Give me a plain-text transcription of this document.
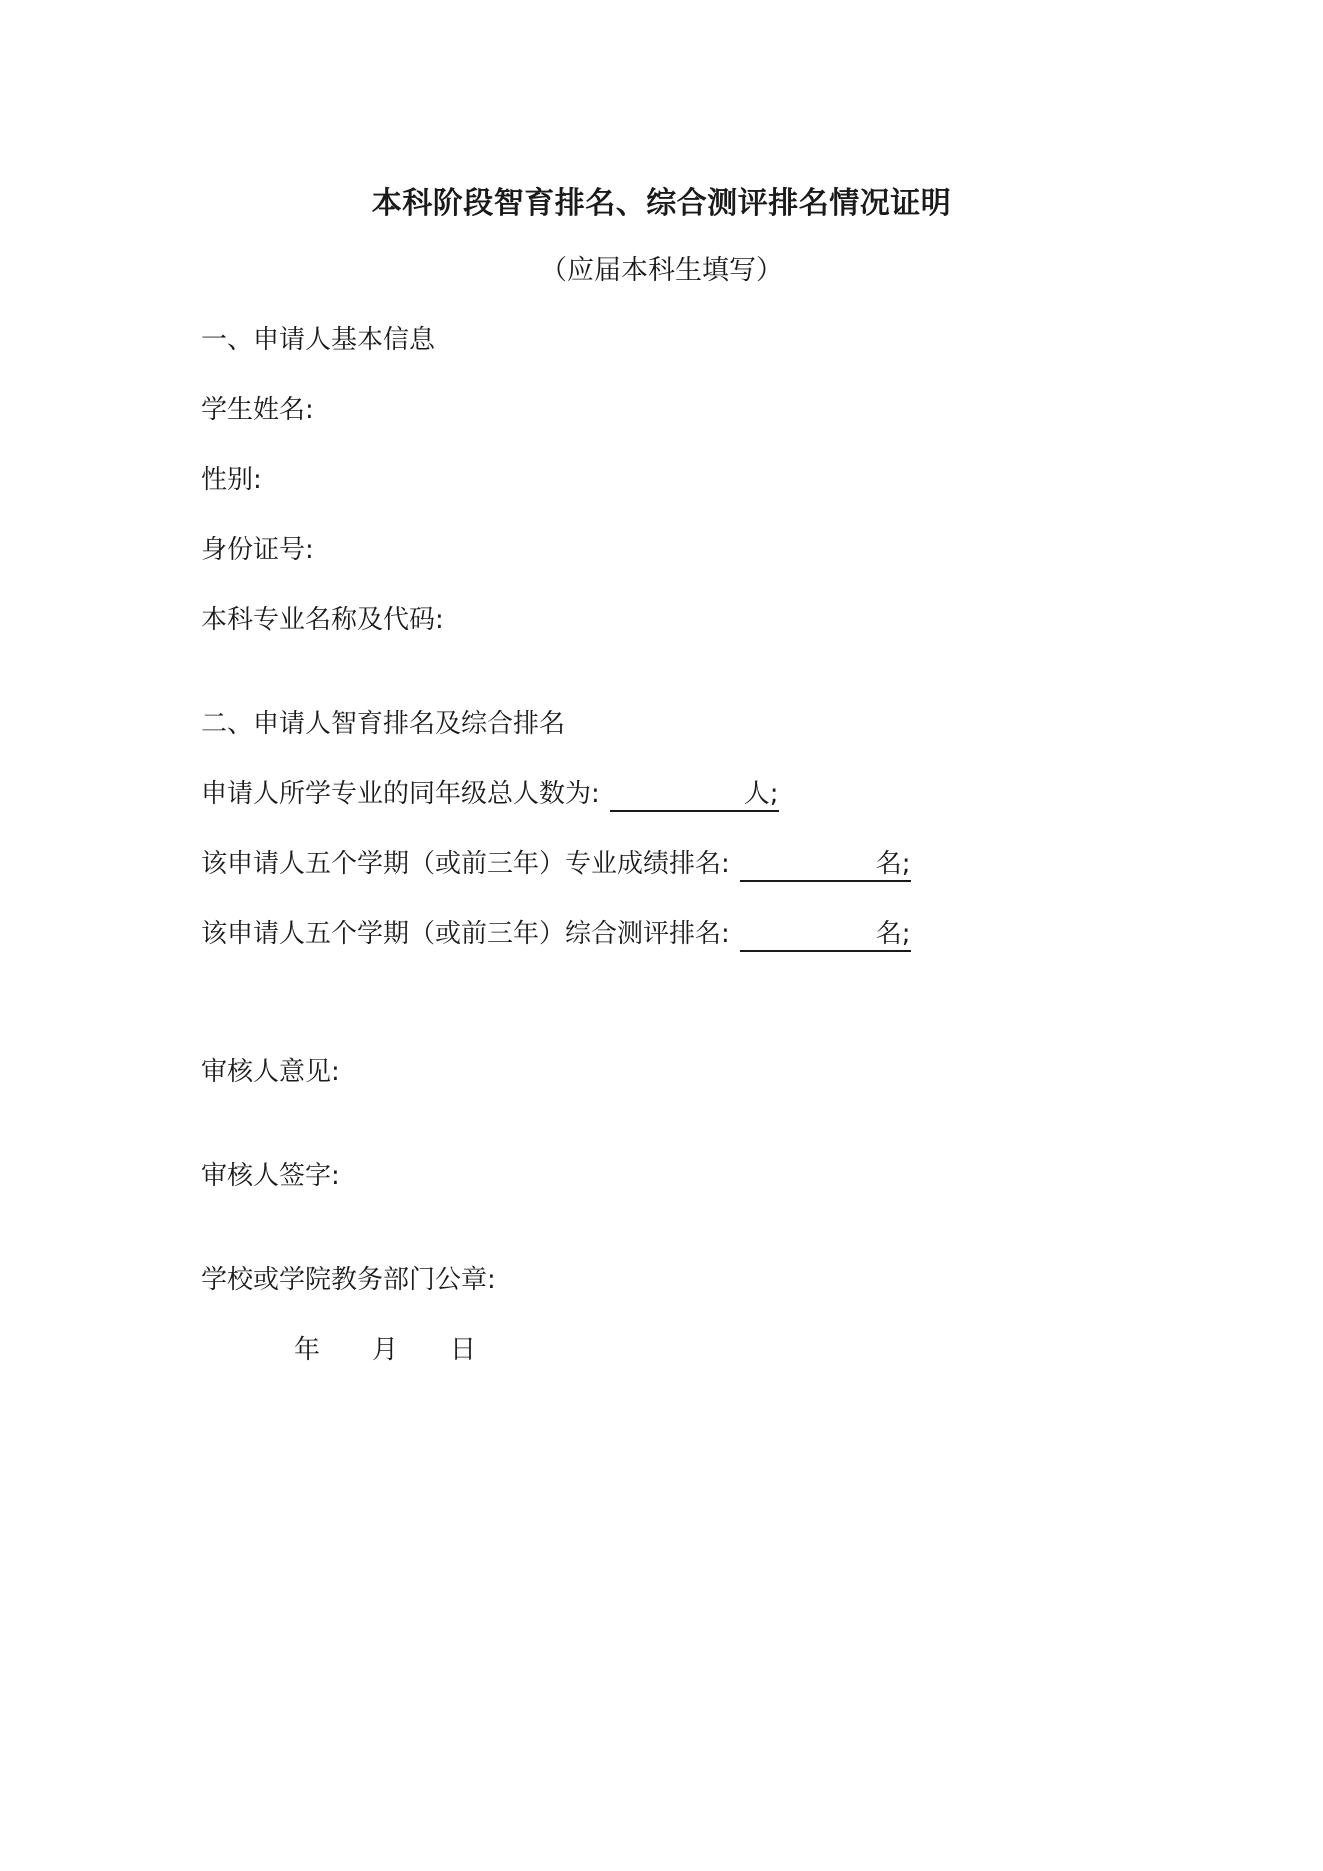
本科阶段智育排名、综合测评排名情况证明

（应届本科生填写）

一、申请人基本信息

学生姓名:

性别:

身份证号:

本科专业名称及代码:

二、申请人智育排名及综合排名

申请人所学专业的同年级总人数为:	人;

该申请人五个学期（或前三年）专业成绩排名:	名;

该申请人五个学期（或前三年）综合测评排名:	名;

审核人意见:

审核人签字:

学校或学院教务部门公章:

年 月 日
